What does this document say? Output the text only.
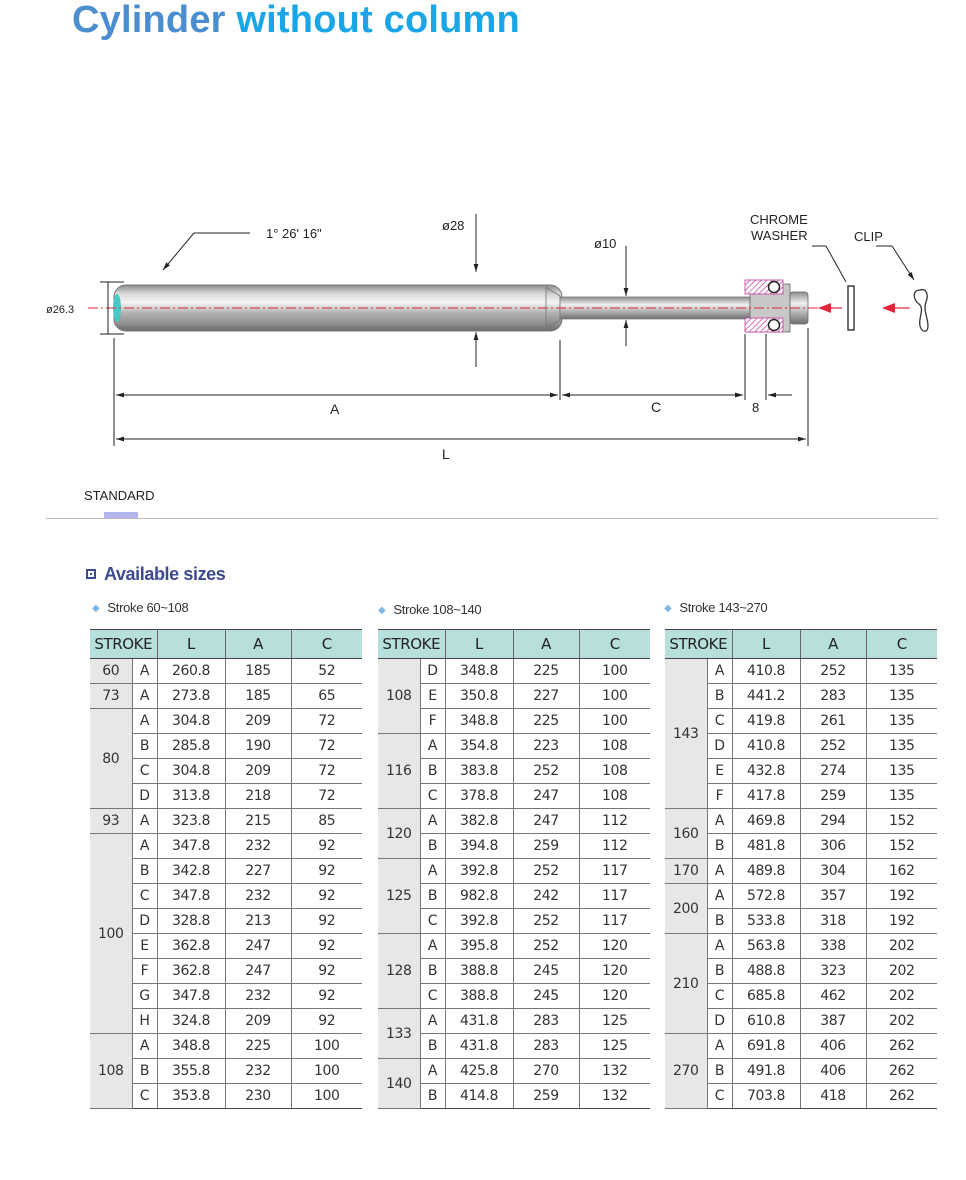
Cylinder without column
1° 26' 16"
ø28
ø10
ø26.3
CHROME
WASHER	CLIP
A	C	8
L
STANDARD
Available sizes
◆ Stroke 60~108	◆ Stroke 108~140	◆ Stroke 143~270
STROKE		L	A	C
60	A	260.8	185	52
73	A	273.8	185	65
80	A	304.8	209	72
	B	285.8	190	72
	C	304.8	209	72
	D	313.8	218	72
93	A	323.8	215	85
100	A	347.8	232	92
	B	342.8	227	92
	C	347.8	232	92
	D	328.8	213	92
	E	362.8	247	92
	F	362.8	247	92
	G	347.8	232	92
	H	324.8	209	92
108	A	348.8	225	100
	B	355.8	232	100
	C	353.8	230	100
STROKE		L	A	C
108	D	348.8	225	100
	E	350.8	227	100
	F	348.8	225	100
116	A	354.8	223	108
	B	383.8	252	108
	C	378.8	247	108
120	A	382.8	247	112
	B	394.8	259	112
125	A	392.8	252	117
	B	982.8	242	117
	C	392.8	252	117
128	A	395.8	252	120
	B	388.8	245	120
	C	388.8	245	120
133	A	431.8	283	125
	B	431.8	283	125
140	A	425.8	270	132
	B	414.8	259	132
STROKE		L	A	C
143	A	410.8	252	135
	B	441.2	283	135
	C	419.8	261	135
	D	410.8	252	135
	E	432.8	274	135
	F	417.8	259	135
160	A	469.8	294	152
	B	481.8	306	152
170	A	489.8	304	162
200	A	572.8	357	192
	B	533.8	318	192
210	A	563.8	338	202
	B	488.8	323	202
	C	685.8	462	202
	D	610.8	387	202
270	A	691.8	406	262
	B	491.8	406	262
	C	703.8	418	262
